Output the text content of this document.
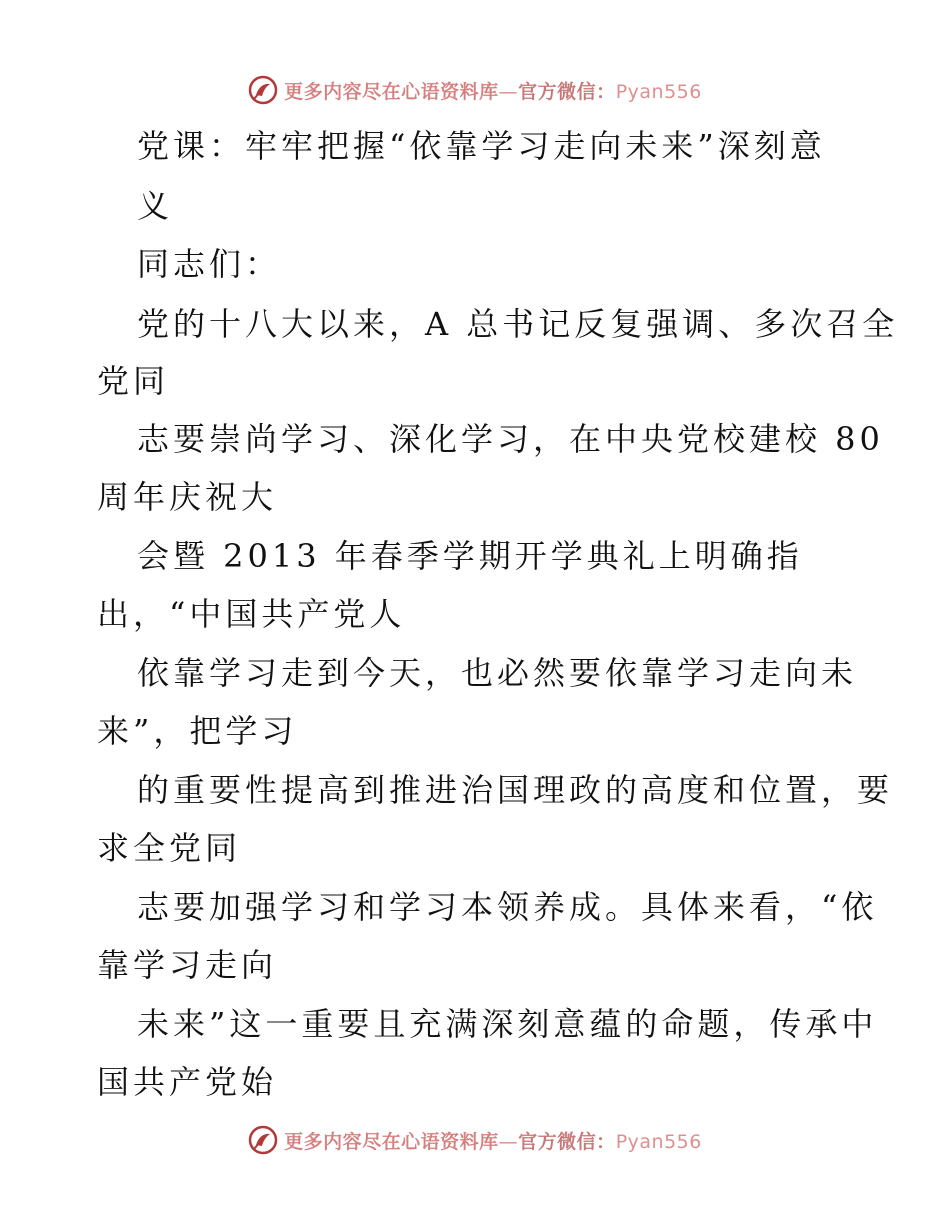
更多内容尽在心语资料库—官方微信：Pyan556
党课：牢牢把握“依靠学习走向未来”深刻意
义
同志们：
党的十八大以来，A 总书记反复强调、多次召全
党同
志要崇尚学习、深化学习，在中央党校建校 80
周年庆祝大
会暨 2013 年春季学期开学典礼上明确指
出，“中国共产党人
依靠学习走到今天，也必然要依靠学习走向未
来”，把学习
的重要性提高到推进治国理政的高度和位置，要
求全党同
志要加强学习和学习本领养成。具体来看，“依
靠学习走向
未来”这一重要且充满深刻意蕴的命题，传承中
国共产党始
更多内容尽在心语资料库—官方微信：Pyan556
